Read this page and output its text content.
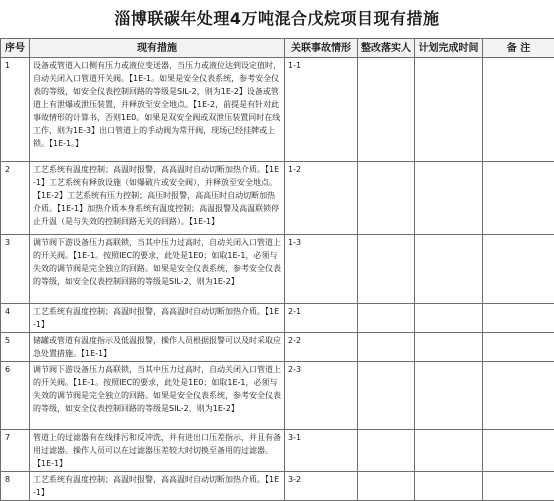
淄博联碳年处理4万吨混合戊烷项目现有措施
序号	现有措施	关联事故情形	整改落实人	计划完成时间	备 注
1	设备或管道入口侧有压力或液位变送器，当压力或液位达到设定值时，自动关闭入口管道开关阀。【1E-1。如果是安全仪表系统，参考安全仪表的等级，如安全仪表控制回路的等级是SIL-2，则为1E-2】设备或管道上有泄爆或泄压装置，并释放至安全地点。【1E-2，前提是有针对此事故情形的计算书，否则1E0。如果是双安全阀或双泄压装置同时在线工作，则为1E-3】出口管道上的手动阀为常开阀，现场已经挂牌或上锁。【1E-1。】	1-1			
2	工艺系统有温度控制；高温时报警，高高温时自动切断加热介质。【1E-1】工艺系统有释放设施（如爆破片或安全阀），并释放至安全地点。【1E-2】工艺系统有压力控制；高压时报警，高高压时自动切断加热介质。【1E-1】加热介质本身系统有温度控制；高温报警及高温联锁停止升温（是与失效的控制回路无关的回路）。【1E-1】	1-2			
3	调节阀下游设备压力高联锁，当其中压力过高时，自动关闭入口管道上的开关阀。【1E-1。按照IEC的要求，此处是1E0；如取1E-1，必须与失效的调节阀是完全独立的回路。如果是安全仪表系统，参考安全仪表的等级，如安全仪表控制回路的等级是SIL-2，则为1E-2】	1-3			
4	工艺系统有温度控制；高温时报警，高高温时自动切断加热介质。【1E-1】	2-1			
5	储罐或管道有温度指示及低温报警，操作人员根据报警可以及时采取应急处置措施。【1E-1】	2-2			
6	调节阀下游设备压力高联锁，当其中压力过高时，自动关闭入口管道上的开关阀。【1E-1。按照IEC的要求，此处是1E0；如取1E-1，必须与失效的调节阀是完全独立的回路。如果是安全仪表系统，参考安全仪表的等级，如安全仪表控制回路的等级是SIL-2，则为1E-2】	2-3			
7	管道上的过滤器有在线排污和反冲洗，并有进出口压差指示，并且有备用过滤器。操作人员可以在过滤器压差较大时切换至备用的过滤器。【1E-1】	3-1			
8	工艺系统有温度控制；高温时报警，高高温时自动切断加热介质。【1E-1】	3-2			
